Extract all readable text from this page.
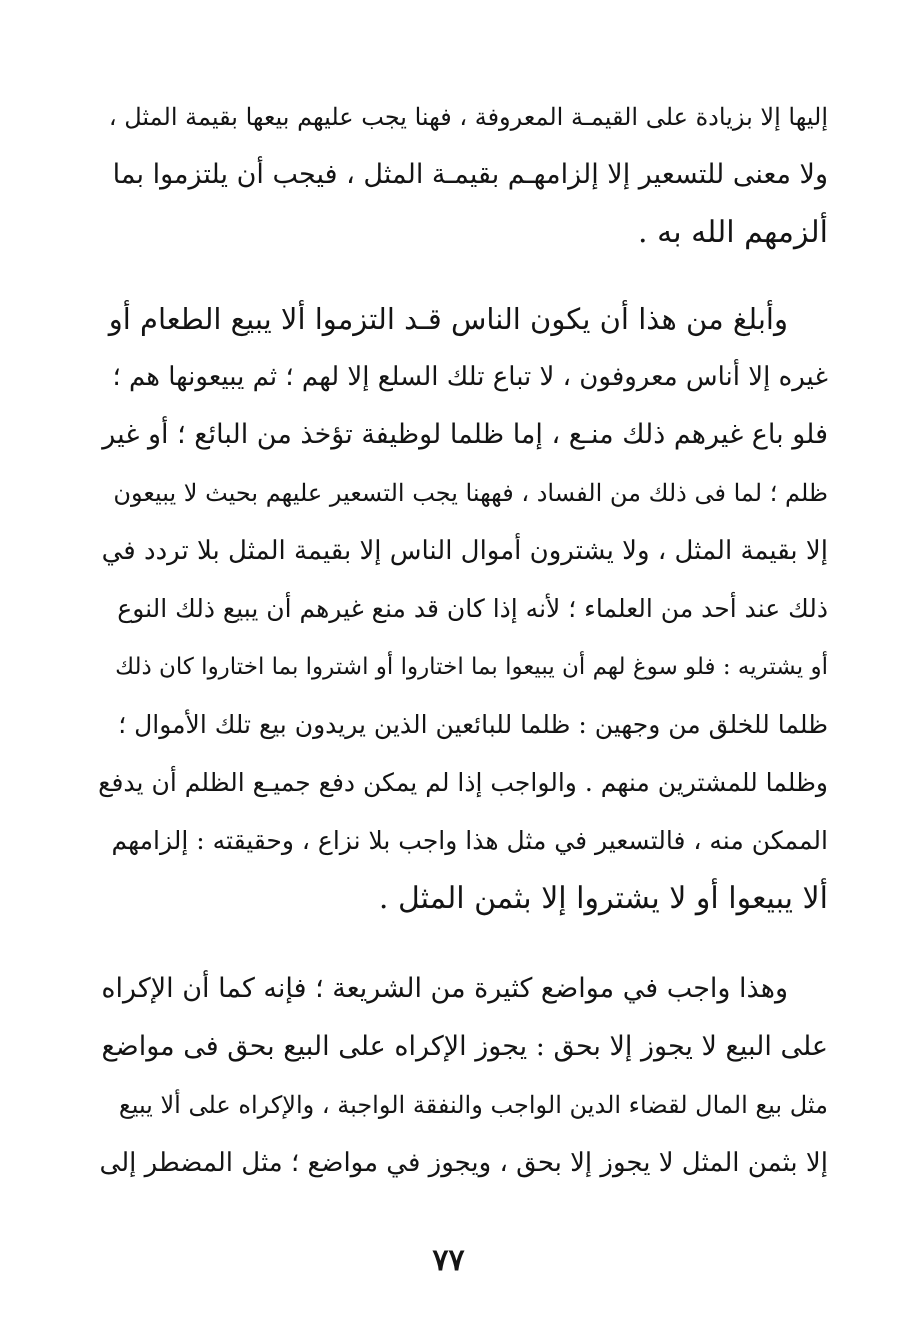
إليها إلا بزيادة على القيمـة المعروفة ، فهنا يجب عليهم بيعها بقيمة المثل ،
ولا معنى للتسعير إلا إلزامهـم بقيمـة المثل ، فيجب أن يلتزموا بما
ألزمهم الله به .
وأبلغ من هذا أن يكون الناس قـد التزموا ألا يبيع الطعام أو
غيره إلا أناس معروفون ، لا تباع تلك السلع إلا لهم ؛ ثم يبيعونها هم ؛
فلو باع غيرهم ذلك منـع ، إما ظلما لوظيفة تؤخذ من البائع ؛ أو غير
ظلم ؛ لما فى ذلك من الفساد ، فههنا يجب التسعير عليهم بحيث لا يبيعون
إلا بقيمة المثل ، ولا يشترون أموال الناس إلا بقيمة المثل بلا تردد في
ذلك عند أحد من العلماء ؛ لأنه إذا كان قد منع غيرهم أن يبيع ذلك النوع
أو يشتريه : فلو سوغ لهم أن يبيعوا بما اختاروا أو اشتروا بما اختاروا كان ذلك
ظلما للخلق من وجهين : ظلما للبائعين الذين يريدون بيع تلك الأموال ؛
وظلما للمشترين منهم . والواجب إذا لم يمكن دفع جميـع الظلم أن يدفع
الممكن منه ، فالتسعير في مثل هذا واجب بلا نزاع ، وحقيقته : إلزامهم
ألا يبيعوا أو لا يشتروا إلا بثمن المثل .
وهذا واجب في مواضع كثيرة من الشريعة ؛ فإنه كما أن الإكراه
على البيع لا يجوز إلا بحق : يجوز الإكراه على البيع بحق فى مواضع
مثل بيع المال لقضاء الدين الواجب والنفقة الواجبة ، والإكراه على ألا يبيع
إلا بثمن المثل لا يجوز إلا بحق ، ويجوز في مواضع ؛ مثل المضطر إلى
٧٧
